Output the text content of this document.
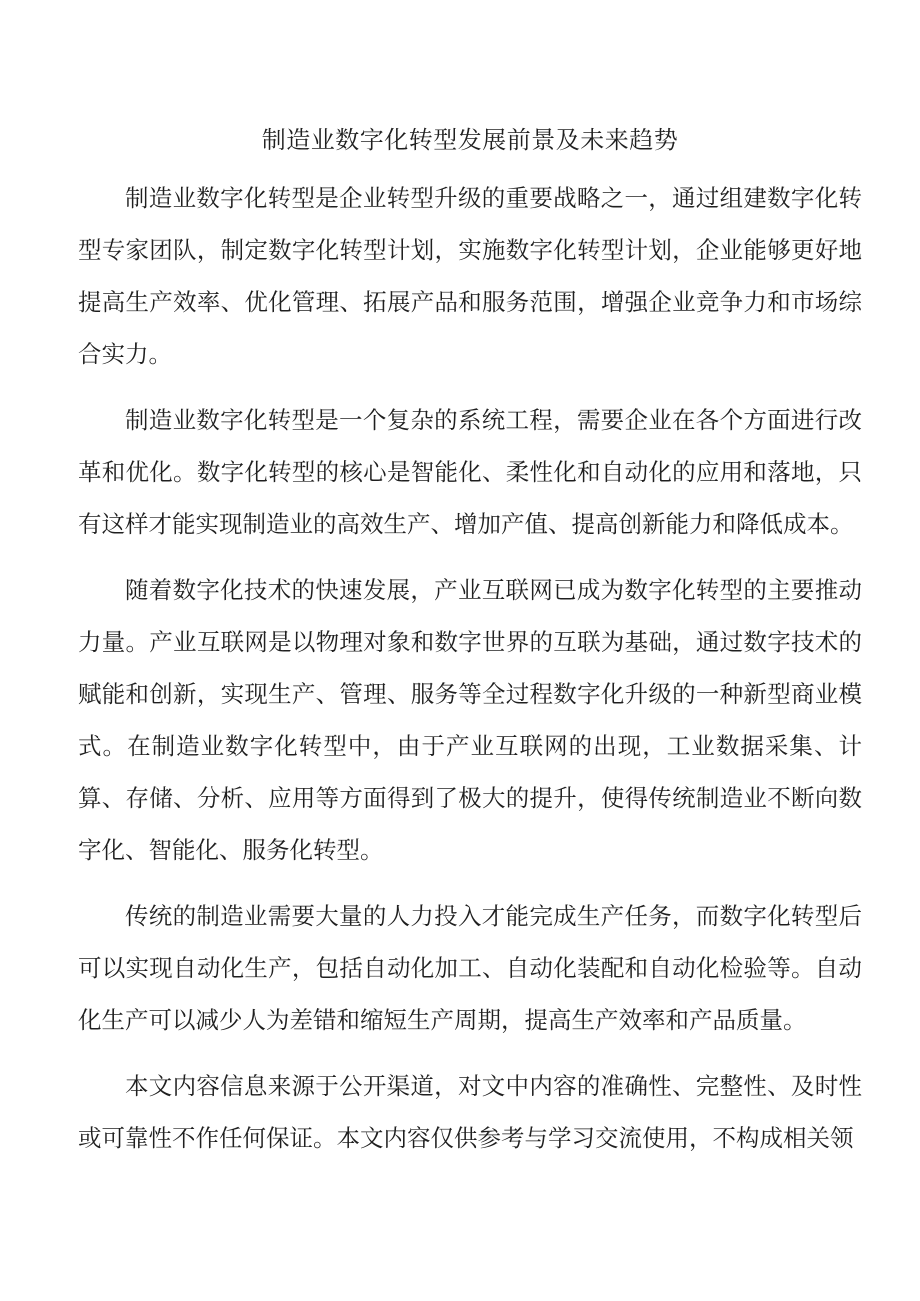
制造业数字化转型发展前景及未来趋势

制造业数字化转型是企业转型升级的重要战略之一，通过组建数字化转型专家团队，制定数字化转型计划，实施数字化转型计划，企业能够更好地提高生产效率、优化管理、拓展产品和服务范围，增强企业竞争力和市场综合实力。

制造业数字化转型是一个复杂的系统工程，需要企业在各个方面进行改革和优化。数字化转型的核心是智能化、柔性化和自动化的应用和落地，只有这样才能实现制造业的高效生产、增加产值、提高创新能力和降低成本。

随着数字化技术的快速发展，产业互联网已成为数字化转型的主要推动力量。产业互联网是以物理对象和数字世界的互联为基础，通过数字技术的赋能和创新，实现生产、管理、服务等全过程数字化升级的一种新型商业模式。在制造业数字化转型中，由于产业互联网的出现，工业数据采集、计算、存储、分析、应用等方面得到了极大的提升，使得传统制造业不断向数字化、智能化、服务化转型。

传统的制造业需要大量的人力投入才能完成生产任务，而数字化转型后可以实现自动化生产，包括自动化加工、自动化装配和自动化检验等。自动化生产可以减少人为差错和缩短生产周期，提高生产效率和产品质量。

本文内容信息来源于公开渠道，对文中内容的准确性、完整性、及时性或可靠性不作任何保证。本文内容仅供参考与学习交流使用，不构成相关领
